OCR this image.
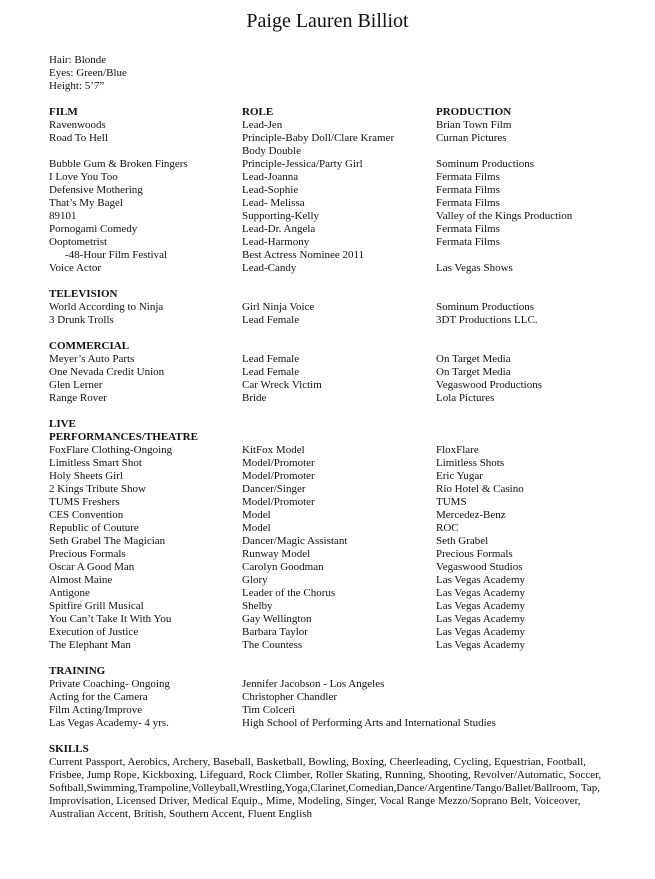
Paige Lauren Billiot
Hair: Blonde
Eyes: Green/Blue
Height: 5’7”
FILM	ROLE	PRODUCTION
Ravenwoods	Lead-Jen	Brian Town Film
Road To Hell	Principle-Baby Doll/Clare Kramer	Curnan Pictures
Body Double
Bubble Gum & Broken Fingers	Principle-Jessica/Party Girl	Sominum Productions
I Love You Too	Lead-Joanna	Fermata Films
Defensive Mothering	Lead-Sophie	Fermata Films
That’s My Bagel	Lead- Melissa	Fermata Films
89101	Supporting-Kelly	Valley of the Kings Production
Pornogami Comedy	Lead-Dr. Angela	Fermata Films
Ooptometrist	Lead-Harmony	Fermata Films
-48-Hour Film Festival	Best Actress Nominee 2011
Voice Actor	Lead-Candy	Las Vegas Shows
TELEVISION
World According to Ninja	Girl Ninja Voice	Sominum Productions
3 Drunk Trolls	Lead Female	3DT Productions LLC.
COMMERCIAL
Meyer’s Auto Parts	Lead Female	On Target Media
One Nevada Credit Union	Lead Female	On Target Media
Glen Lerner	Car Wreck Victim	Vegaswood Productions
Range Rover	Bride	Lola Pictures
LIVE
PERFORMANCES/THEATRE
FoxFlare Clothing-Ongoing	KitFox Model	FloxFlare
Limitless Smart Shot	Model/Promoter	Limitless Shots
Holy Sheets Girl	Model/Promoter	Eric Yugar
2 Kings Tribute Show	Dancer/Singer	Rio Hotel & Casino
TUMS Freshers	Model/Promoter	TUMS
CES Convention	Model	Mercedez-Benz
Republic of Couture	Model	ROC
Seth Grabel The Magician	Dancer/Magic Assistant	Seth Grabel
Precious Formals	Runway Model	Precious Formals
Oscar A Good Man	Carolyn Goodman	Vegaswood Studios
Almost Maine	Glory	Las Vegas Academy
Antigone	Leader of the Chorus	Las Vegas Academy
Spitfire Grill Musical	Shelby	Las Vegas Academy
You Can’t Take It With You	Gay Wellington	Las Vegas Academy
Execution of Justice	Barbara Taylor	Las Vegas Academy
The Elephant Man	The Countess	Las Vegas Academy
TRAINING
Private Coaching- Ongoing	Jennifer Jacobson - Los Angeles
Acting for the Camera	Christopher Chandler
Film Acting/Improve	Tim Colceri
Las Vegas Academy- 4 yrs.	High School of Performing Arts and International Studies
SKILLS
Current Passport, Aerobics, Archery, Baseball, Basketball, Bowling, Boxing, Cheerleading, Cycling, Equestrian, Football, Frisbee, Jump Rope, Kickboxing, Lifeguard, Rock Climber, Roller Skating, Running, Shooting, Revolver/Automatic, Soccer, Softball,Swimming,Trampoline,Volleyball,Wrestling,Yoga,Clarinet,Comedian,Dance/Argentine/Tango/Ballet/Ballroom, Tap, Improvisation, Licensed Driver, Medical Equip., Mime, Modeling, Singer, Vocal Range Mezzo/Soprano Belt, Voiceover, Australian Accent, British, Southern Accent, Fluent English
